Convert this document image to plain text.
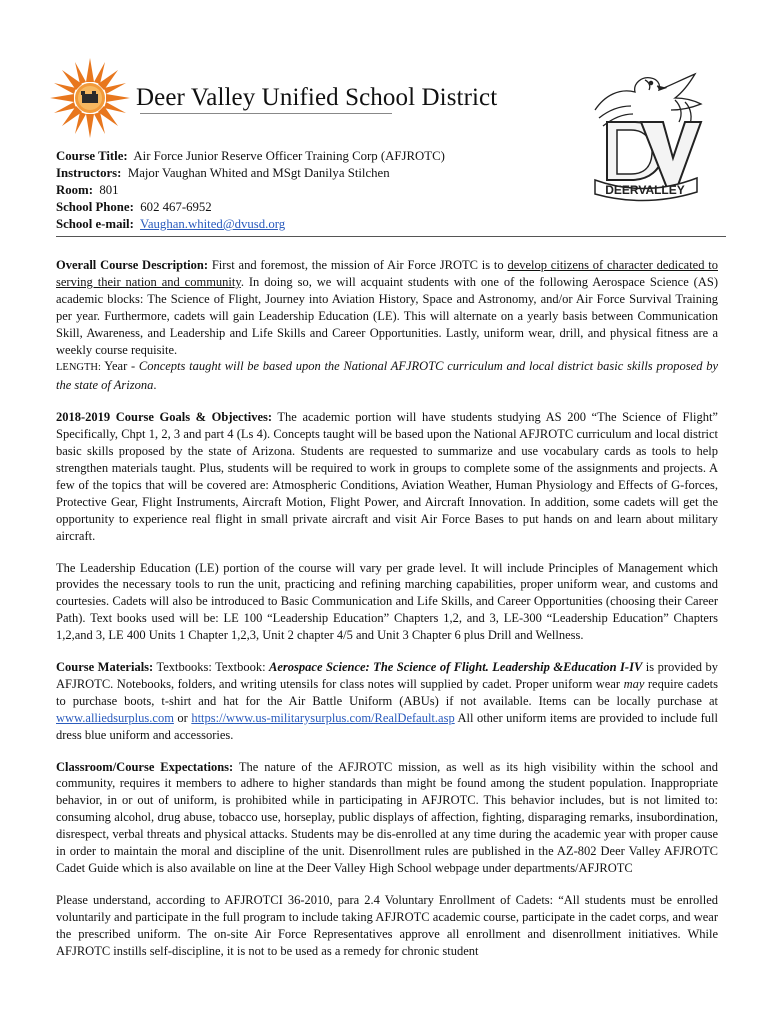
Deer Valley Unified School District
DEERVALLEY
Course Title: Air Force Junior Reserve Officer Training Corp (AFJROTC)
Instructors: Major Vaughan Whited and MSgt Danilya Stilchen
Room: 801
School Phone: 602 467-6952
School e-mail: Vaughan.whited@dvusd.org

Overall Course Description: First and foremost, the mission of Air Force JROTC is to develop citizens of character dedicated to serving their nation and community. In doing so, we will acquaint students with one of the following Aerospace Science (AS) academic blocks: The Science of Flight, Journey into Aviation History, Space and Astronomy, and/or Air Force Survival Training per year. Furthermore, cadets will gain Leadership Education (LE). This will alternate on a yearly basis between Communication Skill, Awareness, and Leadership and Life Skills and Career Opportunities. Lastly, uniform wear, drill, and physical fitness are a weekly course requisite.

LENGTH: Year - Concepts taught will be based upon the National AFJROTC curriculum and local district basic skills proposed by the state of Arizona.

2018-2019 Course Goals & Objectives: The academic portion will have students studying AS 200 “The Science of Flight” Specifically, Chpt 1, 2, 3 and part 4 (Ls 4). Concepts taught will be based upon the National AFJROTC curriculum and local district basic skills proposed by the state of Arizona. Students are requested to summarize and use vocabulary cards as tools to help strengthen materials taught. Plus, students will be required to work in groups to complete some of the assignments and projects. A few of the topics that will be covered are: Atmospheric Conditions, Aviation Weather, Human Physiology and Effects of G-forces, Protective Gear, Flight Instruments, Aircraft Motion, Flight Power, and Aircraft Innovation. In addition, some cadets will get the opportunity to experience real flight in small private aircraft and visit Air Force Bases to put hands on and learn about military aircraft.

The Leadership Education (LE) portion of the course will vary per grade level. It will include Principles of Management which provides the necessary tools to run the unit, practicing and refining marching capabilities, proper uniform wear, and customs and courtesies. Cadets will also be introduced to Basic Communication and Life Skills, and Career Opportunities (choosing their Career Path). Text books used will be: LE 100 “Leadership Education” Chapters 1,2, and 3, LE-300 “Leadership Education” Chapters 1,2,and 3, LE 400 Units 1 Chapter 1,2,3, Unit 2 chapter 4/5 and Unit 3 Chapter 6 plus Drill and Wellness.

Course Materials: Textbooks: Textbook: Aerospace Science: The Science of Flight. Leadership &Education I-IV is provided by AFJROTC. Notebooks, folders, and writing utensils for class notes will supplied by cadet. Proper uniform wear may require cadets to purchase boots, t-shirt and hat for the Air Battle Uniform (ABUs) if not available. Items can be locally purchase at www.alliedsurplus.com or https://www.us-militarysurplus.com/RealDefault.asp All other uniform items are provided to include full dress blue uniform and accessories.

Classroom/Course Expectations: The nature of the AFJROTC mission, as well as its high visibility within the school and community, requires it members to adhere to higher standards than might be found among the student population. Inappropriate behavior, in or out of uniform, is prohibited while in participating in AFJROTC. This behavior includes, but is not limited to: consuming alcohol, drug abuse, tobacco use, horseplay, public displays of affection, fighting, disparaging remarks, insubordination, disrespect, verbal threats and physical attacks. Students may be dis-enrolled at any time during the academic year with proper cause in order to maintain the moral and discipline of the unit. Disenrollment rules are published in the AZ-802 Deer Valley AFJROTC Cadet Guide which is also available on line at the Deer Valley High School webpage under departments/AFJROTC

Please understand, according to AFJROTCI 36-2010, para 2.4 Voluntary Enrollment of Cadets: “All students must be enrolled voluntarily and participate in the full program to include taking AFJROTC academic course, participate in the cadet corps, and wear the prescribed uniform. The on-site Air Force Representatives approve all enrollment and disenrollment initiatives. While AFJROTC instills self-discipline, it is not to be used as a remedy for chronic student
